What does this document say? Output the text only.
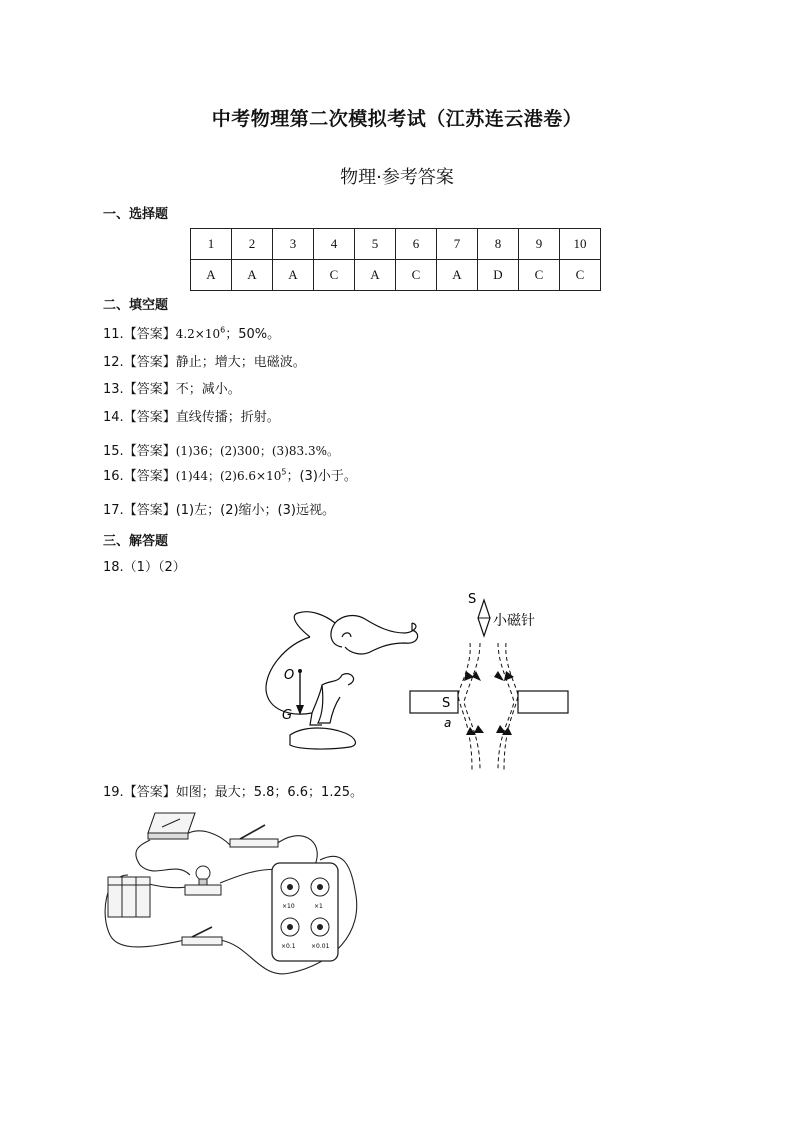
中考物理第二次模拟考试（江苏连云港卷）
物理·参考答案
一、选择题
1	2	3	4	5	6	7	8	9	10
A	A	A	C	A	C	A	D	C	C
二、填空题
11.【答案】$4.2\times 10^6$；50%。
12.【答案】静止；增大；电磁波。
13.【答案】不；减小。
14.【答案】直线传播；折射。
15.【答案】(1)36；(2)300；(3)83.3%。
16.【答案】(1)44；$(2)6.6\times 10^5$；(3)小于。
17.【答案】(1)左；(2)缩小；(3)远视。
三、解答题
18.（1）（2）
O
G
S
小磁针
S
a
19.【答案】如图；最大；5.8；6.6；1.25。
×10	×1
×0.1	×0.01
